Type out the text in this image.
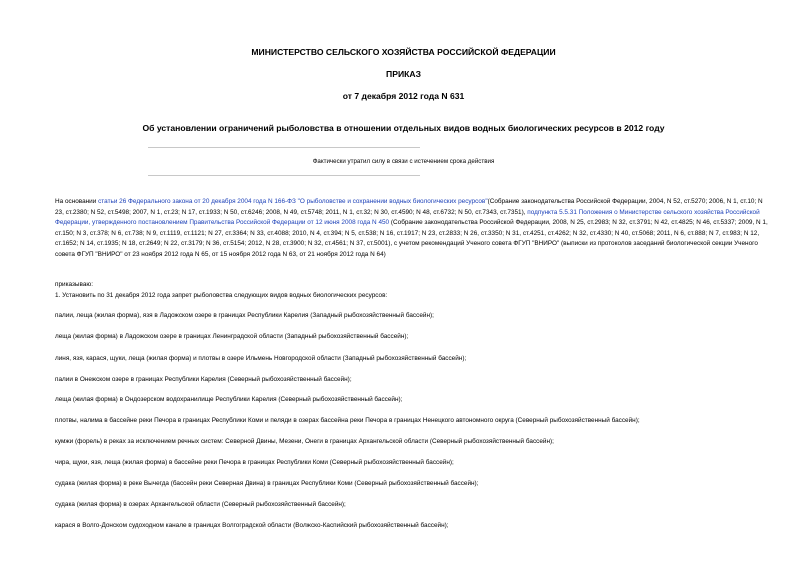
МИНИСТЕРСТВО СЕЛЬСКОГО ХОЗЯЙСТВА РОССИЙСКОЙ ФЕДЕРАЦИИ
ПРИКАЗ
от 7 декабря 2012 года N 631
Об установлении ограничений рыболовства в отношении отдельных видов водных биологических ресурсов в 2012 году
Фактически утратил силу в связи с истечением срока действия

На основании статьи 26 Федерального закона от 20 декабря 2004 года N 166-ФЗ "О рыболовстве и сохранении водных биологических ресурсов"(Собрание законодательства Российской Федерации, 2004, N 52, ст.5270; 2006, N 1, ст.10; N 23, ст.2380; N 52, ст.5498; 2007, N 1, ст.23; N 17, ст.1933; N 50, ст.6246; 2008, N 49, ст.5748; 2011, N 1, ст.32; N 30, ст.4590; N 48, ст.6732; N 50, ст.7343, ст.7351), подпункта 5.5.31 Положения о Министерстве сельского хозяйства Российской Федерации, утвержденного постановлением Правительства Российской Федерации от 12 июня 2008 года N 450 (Собрание законодательства Российской Федерации, 2008, N 25, ст.2983; N 32, ст.3791; N 42, ст.4825; N 46, ст.5337; 2009, N 1, ст.150; N 3, ст.378; N 6, ст.738; N 9, ст.1119, ст.1121; N 27, ст.3364; N 33, ст.4088; 2010, N 4, ст.394; N 5, ст.538; N 16, ст.1917; N 23, ст.2833; N 26, ст.3350; N 31, ст.4251, ст.4262; N 32, ст.4330; N 40, ст.5068; 2011, N 6, ст.888; N 7, ст.983; N 12, ст.1652; N 14, ст.1935; N 18, ст.2649; N 22, ст.3179; N 36, ст.5154; 2012, N 28, ст.3900; N 32, ст.4561; N 37, ст.5001), с учетом рекомендаций Ученого совета ФГУП "ВНИРО" (выписки из протоколов заседаний биологической секции Ученого совета ФГУП "ВНИРО" от 23 ноября 2012 года N 65, от 15 ноября 2012 года N 63, от 21 ноября 2012 года N 64)

приказываю:
1. Установить по 31 декабря 2012 года запрет рыболовства следующих видов водных биологических ресурсов:
палии, леща (жилая форма), язя в Ладожском озере в границах Республики Карелия (Западный рыбохозяйственный бассейн);
леща (жилая форма) в Ладожском озере в границах Ленинградской области (Западный рыбохозяйственный бассейн);
линя, язя, карася, щуки, леща (жилая форма) и плотвы в озере Ильмень Новгородской области (Западный рыбохозяйственный бассейн);
палии в Онежском озере в границах Республики Карелия (Северный рыбохозяйственный бассейн);
леща (жилая форма) в Ондозерском водохранилище Республики Карелия (Северный рыбохозяйственный бассейн);
плотвы, налима в бассейне реки Печора в границах Республики Коми и пеляди в озерах бассейна реки Печора в границах Ненецкого автономного округа (Северный рыбохозяйственный бассейн);
кумжи (форель) в реках за исключением речных систем: Северной Двины, Мезени, Онеги в границах Архангельской области (Северный рыбохозяйственный бассейн);
чира, щуки, язя, леща (жилая форма) в бассейне реки Печора в границах Республики Коми (Северный рыбохозяйственный бассейн);
судака (жилая форма) в реке Вычегда (бассейн реки Северная Двина) в границах Республики Коми (Северный рыбохозяйственный бассейн);
судака (жилая форма) в озерах Архангельской области (Северный рыбохозяйственный бассейн);
карася в Волго-Донском судоходном канале в границах Волгоградской области (Волжско-Каспийский рыбохозяйственный бассейн);
